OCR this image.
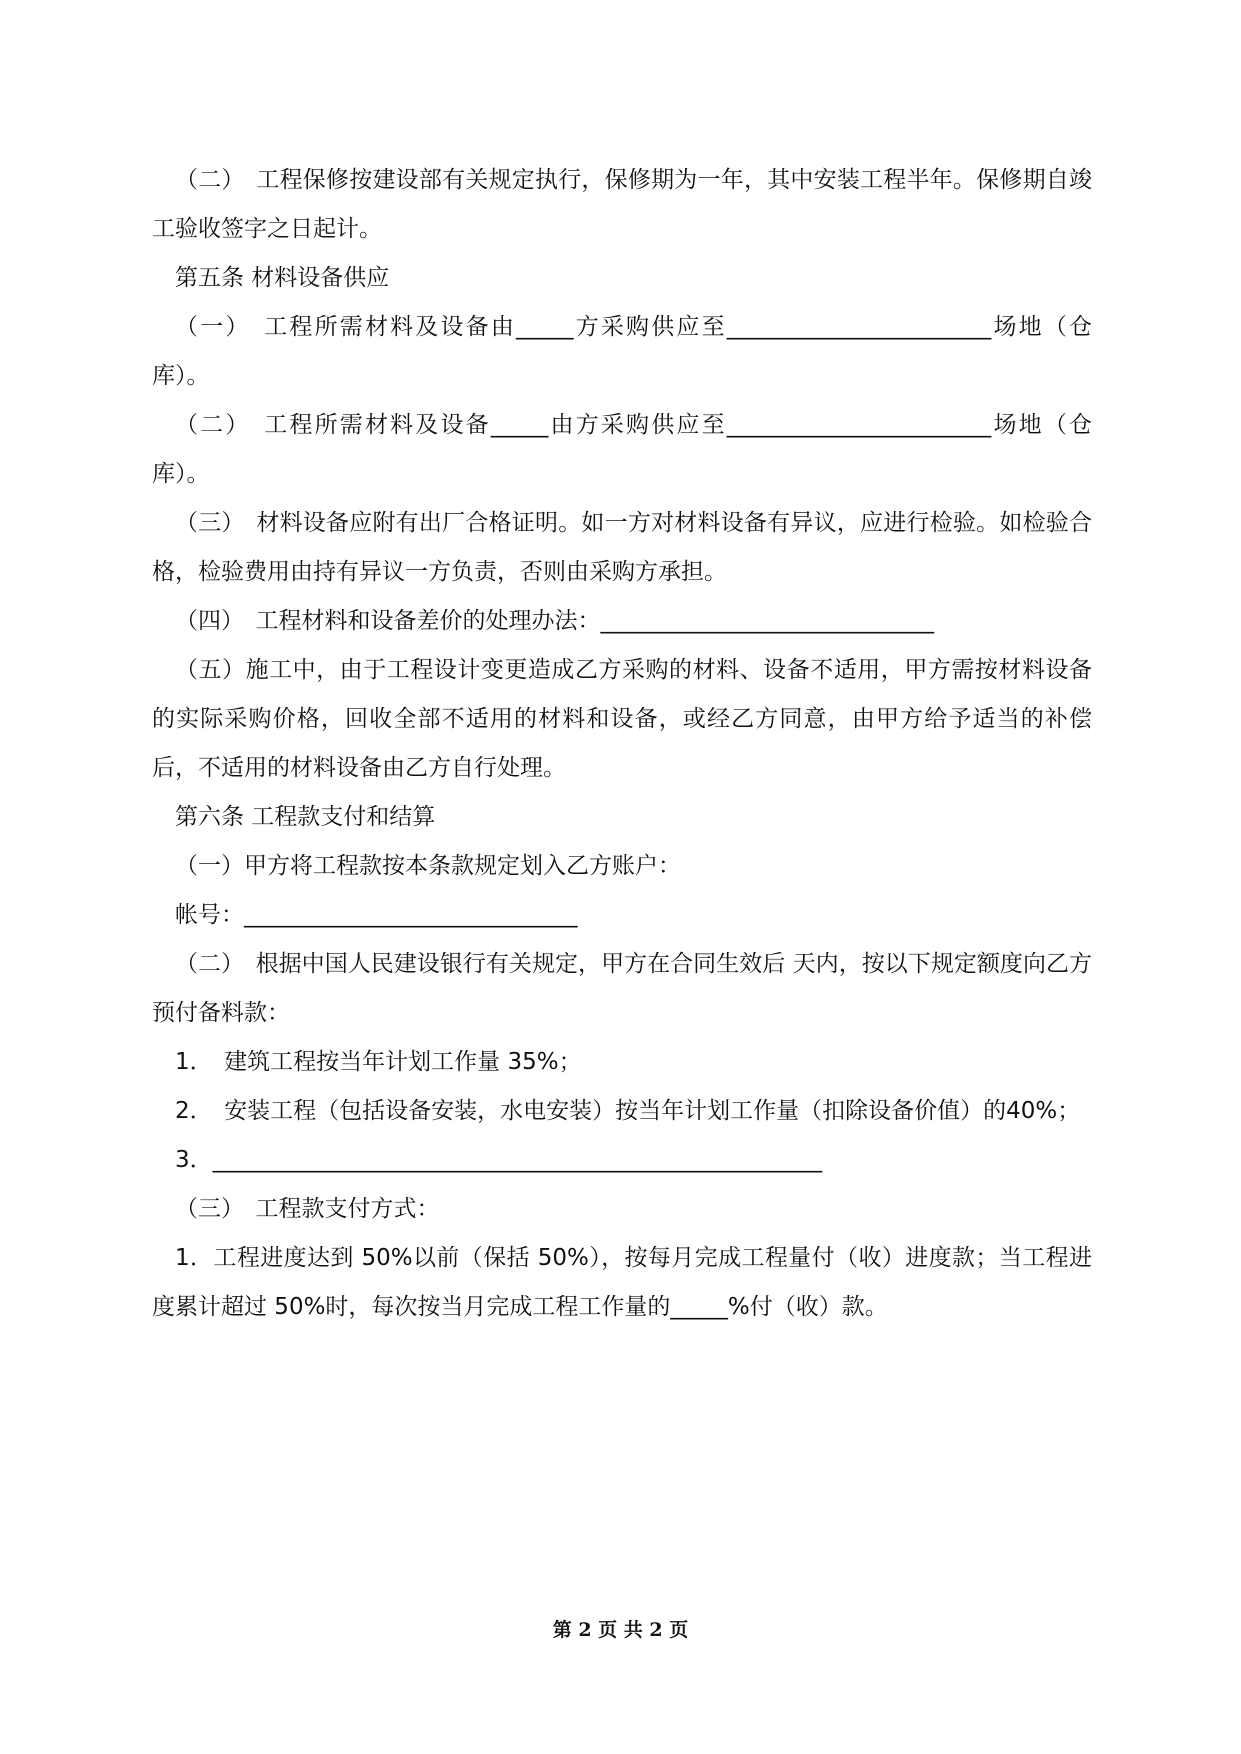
（二）　工程保修按建设部有关规定执行，保修期为一年，其中安装工程半年。保修期自竣工验收签字之日起计。

第五条 材料设备供应

（一）　工程所需材料及设备由_____方采购供应至_______________________场地（仓库）。

（二）　工程所需材料及设备_____由方采购供应至_______________________场地（仓库）。

（三）　材料设备应附有出厂合格证明。如一方对材料设备有异议，应进行检验。如检验合格，检验费用由持有异议一方负责，否则由采购方承担。

（四）　工程材料和设备差价的处理办法：_____________________________

（五）施工中，由于工程设计变更造成乙方采购的材料、设备不适用，甲方需按材料设备的实际采购价格，回收全部不适用的材料和设备，或经乙方同意，由甲方给予适当的补偿后，不适用的材料设备由乙方自行处理。

第六条 工程款支付和结算

（一）甲方将工程款按本条款规定划入乙方账户：

帐号：_____________________________

（二）　根据中国人民建设银行有关规定，甲方在合同生效后 天内，按以下规定额度向乙方预付备料款：

1．　建筑工程按当年计划工作量 35%；

2．　安装工程（包括设备安装，水电安装）按当年计划工作量（扣除设备价值）的40%；

3．_____________________________________________________

（三）　工程款支付方式：

1．工程进度达到 50%以前（保括 50%），按每月完成工程量付（收）进度款；当工程进度累计超过 50%时，每次按当月完成工程工作量的_____%付（收）款。

第 2 页 共 2 页
